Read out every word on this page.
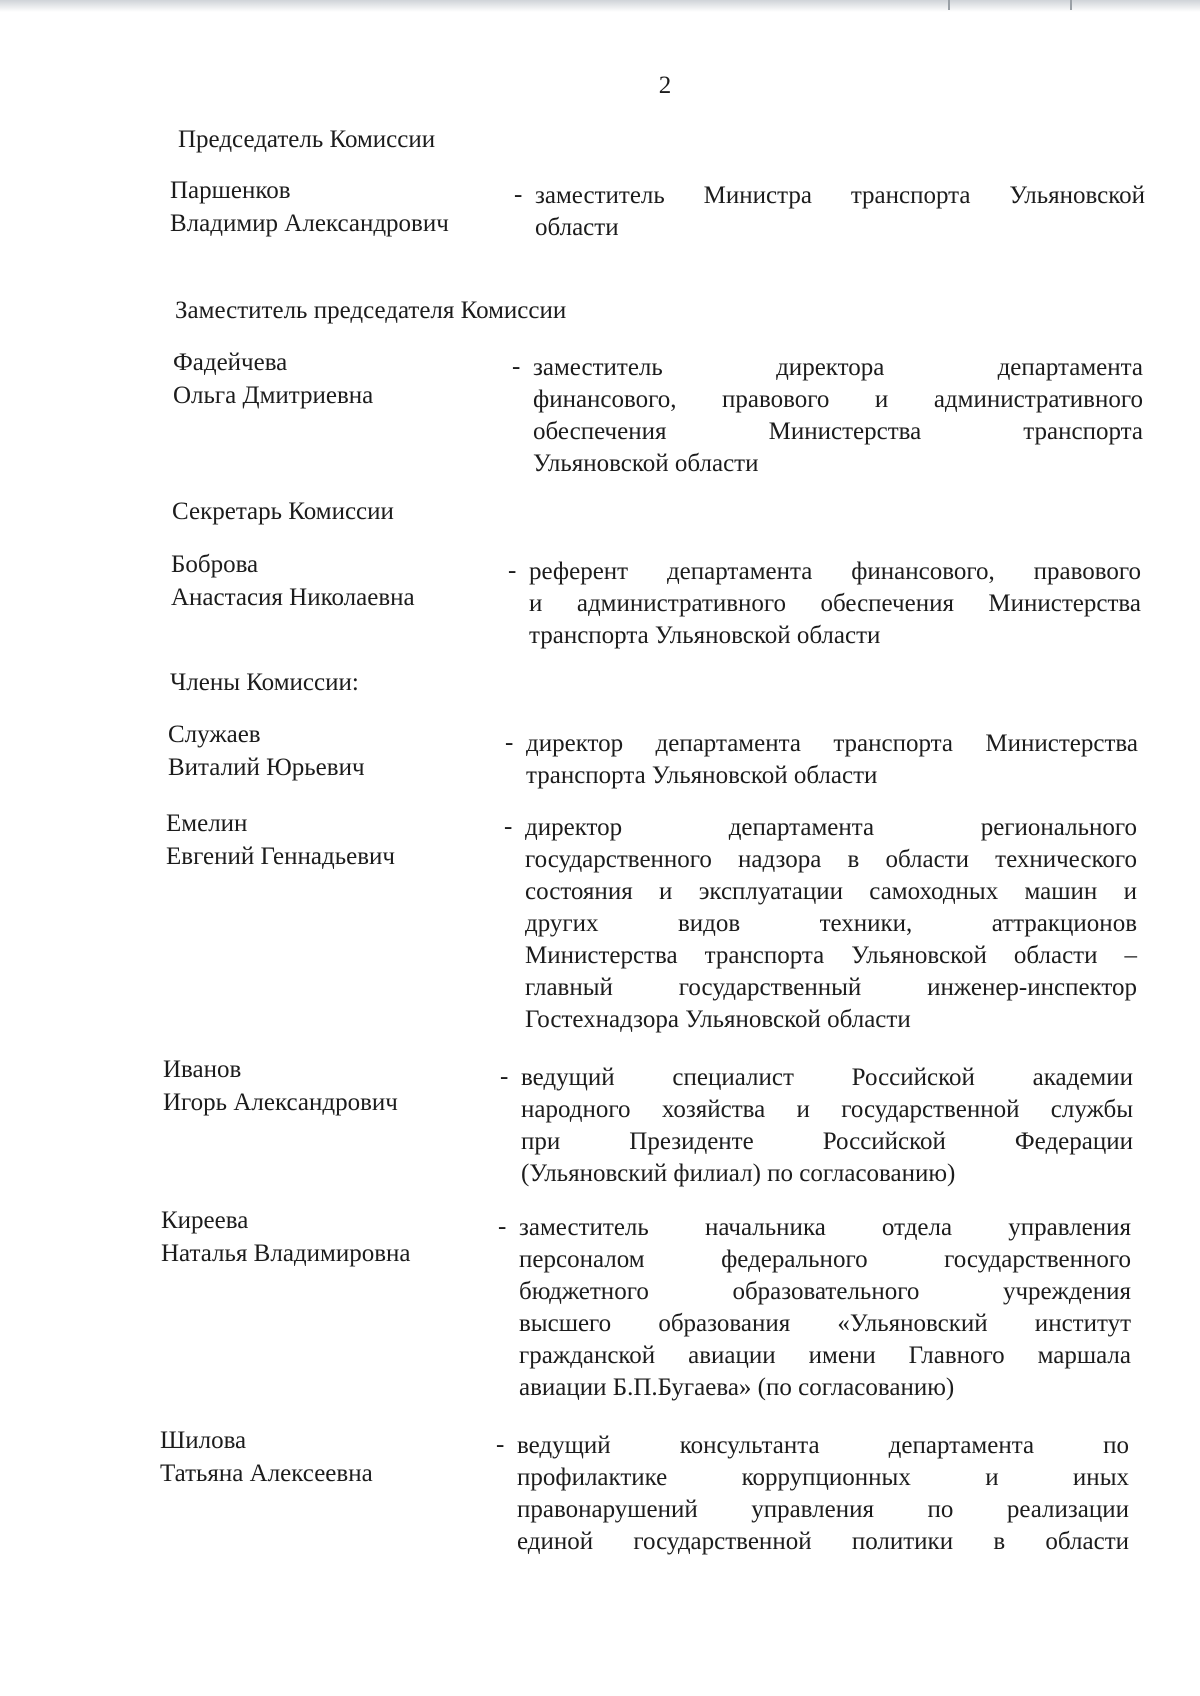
2
Председатель Комиссии
Паршенков
Владимир Александрович
- заместитель Министра транспорта Ульяновской
области
Заместитель председателя Комиссии
Фадейчева
Ольга Дмитриевна
- заместитель директора департамента
финансового, правового и административного
обеспечения Министерства транспорта
Ульяновской области
Секретарь Комиссии
Боброва
Анастасия Николаевна
- референт департамента финансового, правового
и административного обеспечения Министерства
транспорта Ульяновской области
Члены Комиссии:
Служаев
Виталий Юрьевич
- директор департамента транспорта Министерства
транспорта Ульяновской области
Емелин
Евгений Геннадьевич
- директор департамента регионального
государственного надзора в области технического
состояния и эксплуатации самоходных машин и
других видов техники, аттракционов
Министерства транспорта Ульяновской области –
главный государственный инженер-инспектор
Гостехнадзора Ульяновской области
Иванов
Игорь Александрович
- ведущий специалист Российской академии
народного хозяйства и государственной службы
при Президенте Российской Федерации
(Ульяновский филиал) по согласованию)
Киреева
Наталья Владимировна
- заместитель начальника отдела управления
персоналом федерального государственного
бюджетного образовательного учреждения
высшего образования «Ульяновский институт
гражданской авиации имени Главного маршала
авиации Б.П.Бугаева» (по согласованию)
Шилова
Татьяна Алексеевна
- ведущий консультанта департамента по
профилактике коррупционных и иных
правонарушений управления по реализации
единой государственной политики в области
